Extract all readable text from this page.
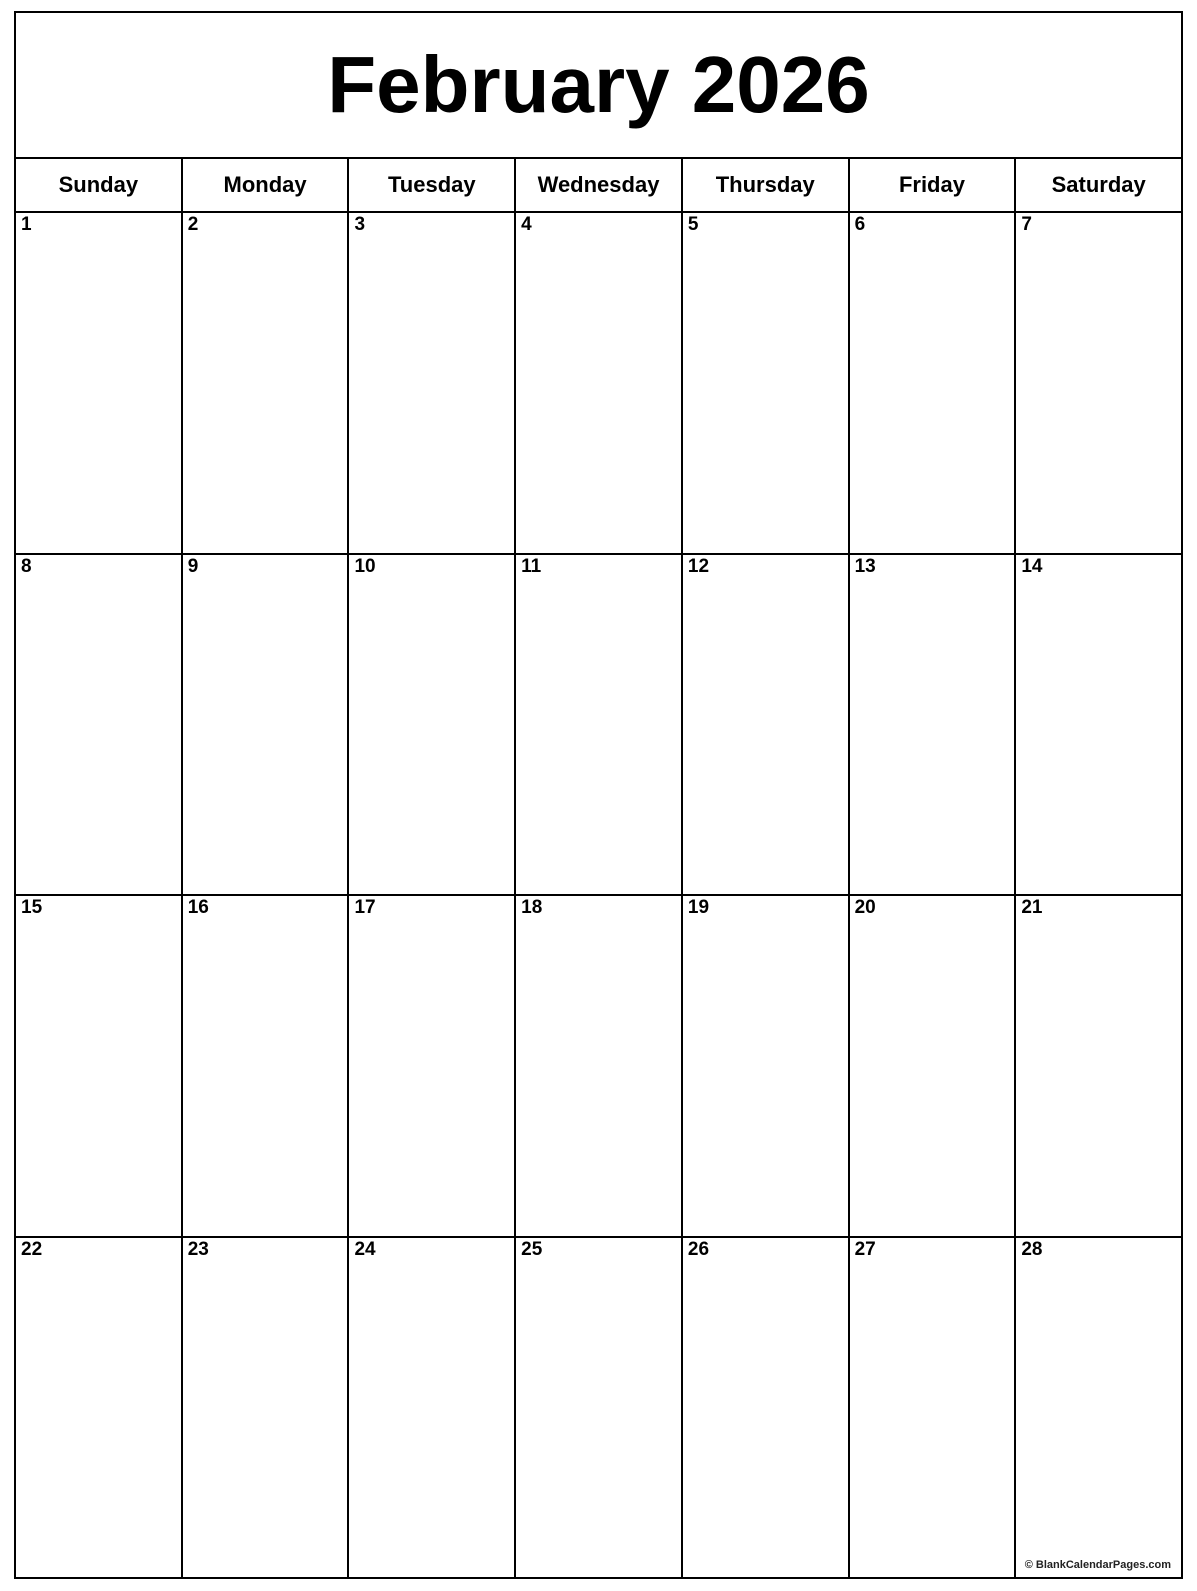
February 2026
Sunday	Monday	Tuesday	Wednesday	Thursday	Friday	Saturday
1	2	3	4	5	6	7
8	9	10	11	12	13	14
15	16	17	18	19	20	21
22	23	24	25	26	27	28
© BlankCalendarPages.com
